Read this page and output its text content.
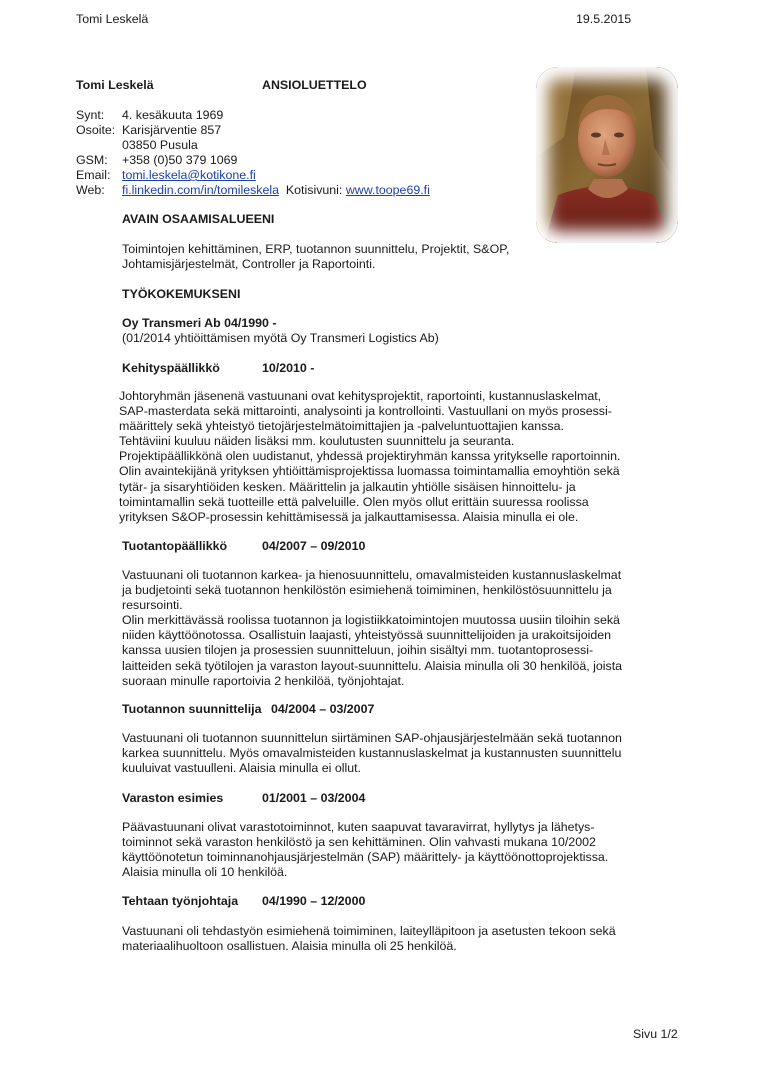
Tomi Leskelä	19.5.2015
Tomi Leskelä	ANSIOLUETTELO
Synt: 4. kesäkuuta 1969
Osoite: Karisjärventie 857
03850 Pusula
GSM: +358 (0)50 379 1069
Email: tomi.leskela@kotikone.fi
Web: fi.linkedin.com/in/tomileskela Kotisivuni: www.toope69.fi
AVAIN OSAAMISALUEENI
Toimintojen kehittäminen, ERP, tuotannon suunnittelu, Projektit, S&OP,
Johtamisjärjestelmät, Controller ja Raportointi.
TYÖKOKEMUKSENI
Oy Transmeri Ab 04/1990 -
(01/2014 yhtiöittämisen myötä Oy Transmeri Logistics Ab)
Kehityspäällikkö	10/2010 -
Johtoryhmän jäsenenä vastuunani ovat kehitysprojektit, raportointi, kustannuslaskelmat,
SAP-masterdata sekä mittarointi, analysointi ja kontrollointi. Vastuullani on myös prosessi-
määrittely sekä yhteistyö tietojärjestelmätoimittajien ja -palveluntuottajien kanssa.
Tehtäviini kuuluu näiden lisäksi mm. koulutusten suunnittelu ja seuranta.
Projektipäällikkönä olen uudistanut, yhdessä projektiryhmän kanssa yritykselle raportoinnin.
Olin avaintekijänä yrityksen yhtiöittämisprojektissa luomassa toimintamallia emoyhtiön sekä
tytär- ja sisaryhtiöiden kesken. Määrittelin ja jalkautin yhtiölle sisäisen hinnoittelu- ja
toimintamallin sekä tuotteille että palveluille. Olen myös ollut erittäin suuressa roolissa
yrityksen S&OP-prosessin kehittämisessä ja jalkauttamisessa. Alaisia minulla ei ole.
Tuotantopäällikkö	04/2007 – 09/2010
Vastuunani oli tuotannon karkea- ja hienosuunnittelu, omavalmisteiden kustannuslaskelmat
ja budjetointi sekä tuotannon henkilöstön esimiehenä toimiminen, henkilöstösuunnittelu ja
resursointi.
Olin merkittävässä roolissa tuotannon ja logistiikkatoimintojen muutossa uusiin tiloihin sekä
niiden käyttöönotossa. Osallistuin laajasti, yhteistyössä suunnittelijoiden ja urakoitsijoiden
kanssa uusien tilojen ja prosessien suunnitteluun, joihin sisältyi mm. tuotantoprosessi-
laitteiden sekä työtilojen ja varaston layout-suunnittelu. Alaisia minulla oli 30 henkilöä, joista
suoraan minulle raportoivia 2 henkilöä, työnjohtajat.
Tuotannon suunnittelija 04/2004 – 03/2007
Vastuunani oli tuotannon suunnittelun siirtäminen SAP-ohjausjärjestelmään sekä tuotannon
karkea suunnittelu. Myös omavalmisteiden kustannuslaskelmat ja kustannusten suunnittelu
kuuluivat vastuulleni. Alaisia minulla ei ollut.
Varaston esimies	01/2001 – 03/2004
Päävastuunani olivat varastotoiminnot, kuten saapuvat tavaravirrat, hyllytys ja lähetys-
toiminnot sekä varaston henkilöstö ja sen kehittäminen. Olin vahvasti mukana 10/2002
käyttöönotetun toiminnanohjausjärjestelmän (SAP) määrittely- ja käyttöönottoprojektissa.
Alaisia minulla oli 10 henkilöä.
Tehtaan työnjohtaja 04/1990 – 12/2000
Vastuunani oli tehdastyön esimiehenä toimiminen, laiteylläpitoon ja asetusten tekoon sekä
materiaalihuoltoon osallistuen. Alaisia minulla oli 25 henkilöä.
Sivu 1/2
